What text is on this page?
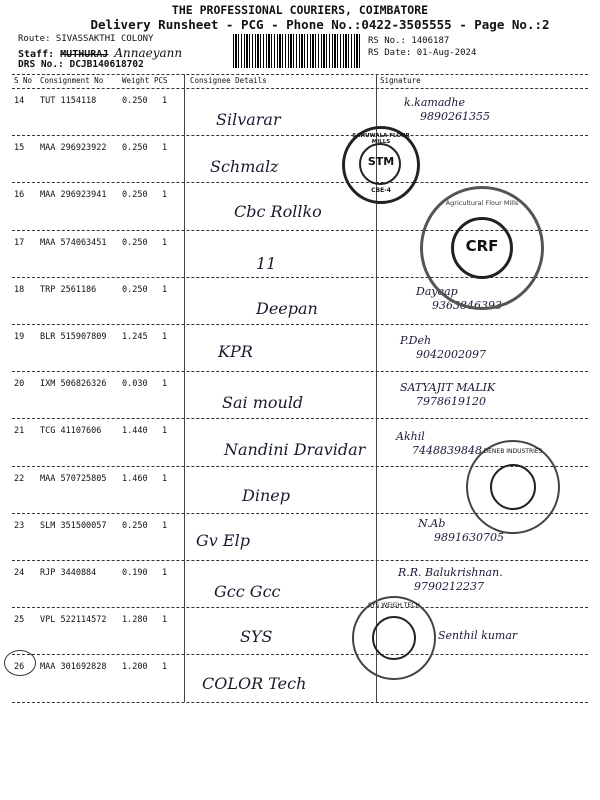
THE PROFESSIONAL COURIERS, COIMBATORE
Delivery Runsheet - PCG - Phone No.:0422-3505555 - Page No.:2
Route: SIVASSAKTHI COLONY
Staff: MUTHURAJ Annaeyann
DRS No.: DCJB140618702
RS No.: 1406187
RS Date: 01-Aug-2024
S No Consignment No	Weight PCS	Consignee Details	Signature
14 TUT 1154118	0.250 1
Silvarar
k.kamadhe
9890261355
15 MAA 296923922 0.250 1
Schmalz
16 MAA 296923941 0.250 1
Cbc Rollko
17 MAA 574063451 0.250 1
11
18 TRP 2561186	0.250 1
Deepan
Dayeap
9363846393
19 BLR 515907809 1.245 1
KPR
P.Deh
9042002097
20 IXM 506826326 0.030 1
Sai mould
SATYAJIT MALIK
7978619120
21 TCG 41107606 1.440 1
Nandini Dravidar
Akhil
7448839848
22 MAA 570725805 1.460 1
Dinep
23 SLM 351500057 0.250 1
Gv Elp
N.Ab
9891630705
24 RJP 3440884	0.190 1
Gcc Gcc
R.R. Balukrishnan.
9790212237
25 VPL 522114572 1.280 1
SYS	Senthil kumar
26 MAA 301692828 1.200 1
COLOR Tech
STM
SAHUWALA FLOUR MILLS
CBE-4
CRF
Agricultural Flour Mills
DENEB INDUSTRIES
SYS WEIGH TECH
